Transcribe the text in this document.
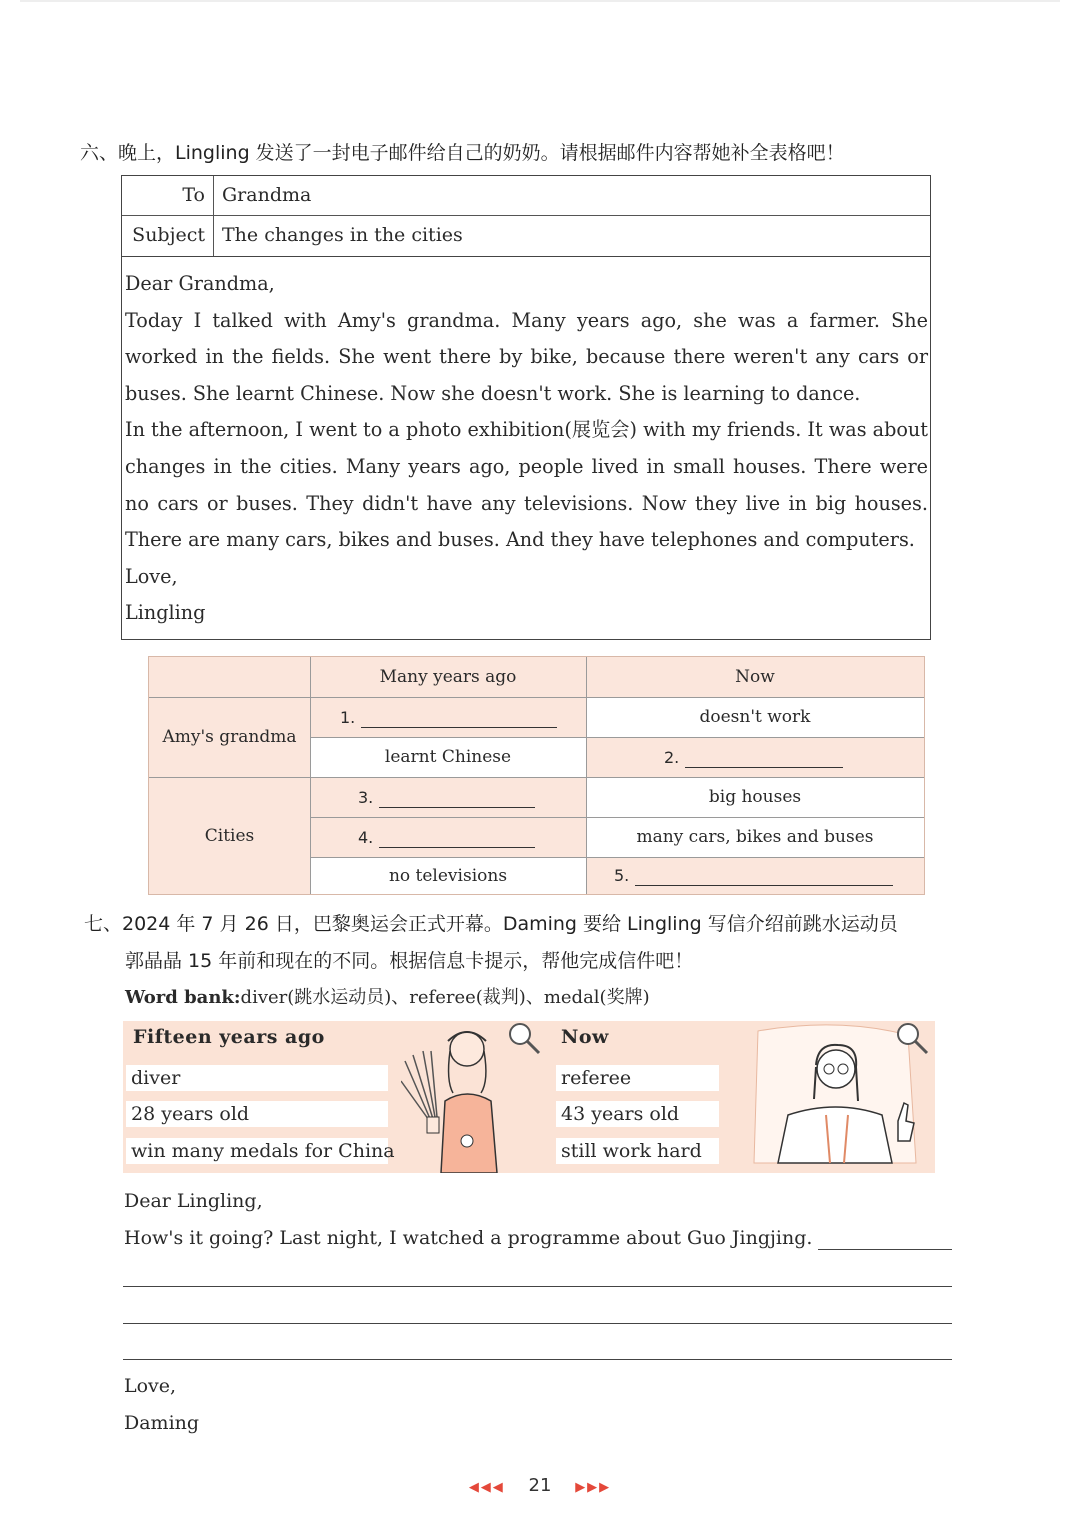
六、晚上，Lingling 发送了一封电子邮件给自己的奶奶。请根据邮件内容帮她补全表格吧！
To Grandma
Subject The changes in the cities

Dear Grandma,

Today I talked with Amy's grandma. Many years ago, she was a farmer. She worked in the fields. She went there by bike, because there weren't any cars or buses. She learnt Chinese. Now she doesn't work. She is learning to dance.

In the afternoon, I went to a photo exhibition(展览会) with my friends. It was about changes in the cities. Many years ago, people lived in small houses. There were no cars or buses. They didn't have any televisions. Now they live in big houses. There are many cars, bikes and buses. And they have telephones and computers.

Love,

Lingling

doesn't work
learnt Chinese
big houses
many cars, bikes and buses
no televisions
Many years ago	Now
Amy's grandma
Cities
1.
2.
3.
4.
5.
七、2024 年 7 月 26 日，巴黎奥运会正式开幕。Daming 要给 Lingling 写信介绍前跳水运动员
郭晶晶 15 年前和现在的不同。根据信息卡提示，帮他完成信件吧！
Word bank:diver(跳水运动员)、referee(裁判)、medal(奖牌)
Fifteen years ago
diver
28 years old
win many medals for China
Now
referee
43 years old
still work hard
Dear Lingling,
How's it going? Last night, I watched a programme about Guo Jingjing.
Love,
Daming
◀◀◀ 21 ▶▶▶
